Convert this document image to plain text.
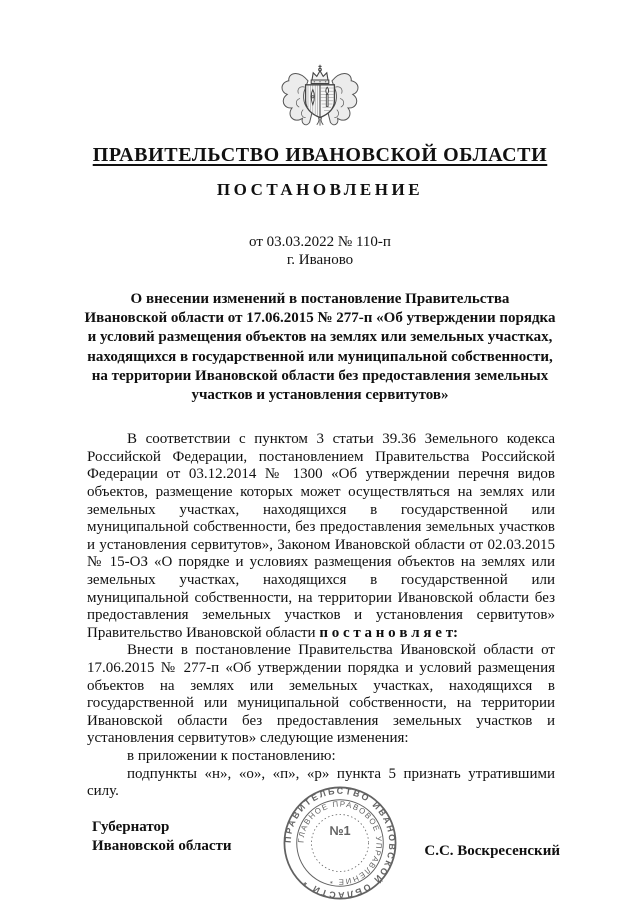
ПРАВИТЕЛЬСТВО ИВАНОВСКОЙ ОБЛАСТИ
ПОСТАНОВЛЕНИЕ
от 03.03.2022 № 110-п
г. Иваново
О внесении изменений в постановление Правительства
Ивановской области от 17.06.2015 № 277-п «Об утверждении порядка
и условий размещения объектов на землях или земельных участках,
находящихся в государственной или муниципальной собственности,
на территории Ивановской области без предоставления земельных
участков и установления сервитутов»

В соответствии с пунктом 3 статьи 39.36 Земельного кодекса Российской Федерации, постановлением Правительства Российской Федерации от 03.12.2014 № 1300 «Об утверждении перечня видов объектов, размещение которых может осуществляться на землях или земельных участках, находящихся в государственной или муниципальной собственности, без предоставления земельных участков и установления сервитутов», Законом Ивановской области от 02.03.2015 № 15-ОЗ «О порядке и условиях размещения объектов на землях или земельных участках, находящихся в государственной или муниципальной собственности, на территории Ивановской области без предоставления земельных участков и установления сервитутов» Правительство Ивановской области п о с т а н о в л я е т:

Внести в постановление Правительства Ивановской области от 17.06.2015 № 277-п «Об утверждении порядка и условий размещения объектов на землях или земельных участках, находящихся в государственной или муниципальной собственности, на территории Ивановской области без предоставления земельных участков и установления сервитутов» следующие изменения:

в приложении к постановлению:

подпункты «н», «о», «п», «р» пункта 5 признать утратившими силу.

Губернатор
Ивановской области	С.С. Воскресенский
ПРАВИТЕЛЬСТВО ИВАНОВСКОЙ ОБЛАСТИ *
ГЛАВНОЕ ПРАВОВОЕ УПРАВЛЕНИЕ *
№1
